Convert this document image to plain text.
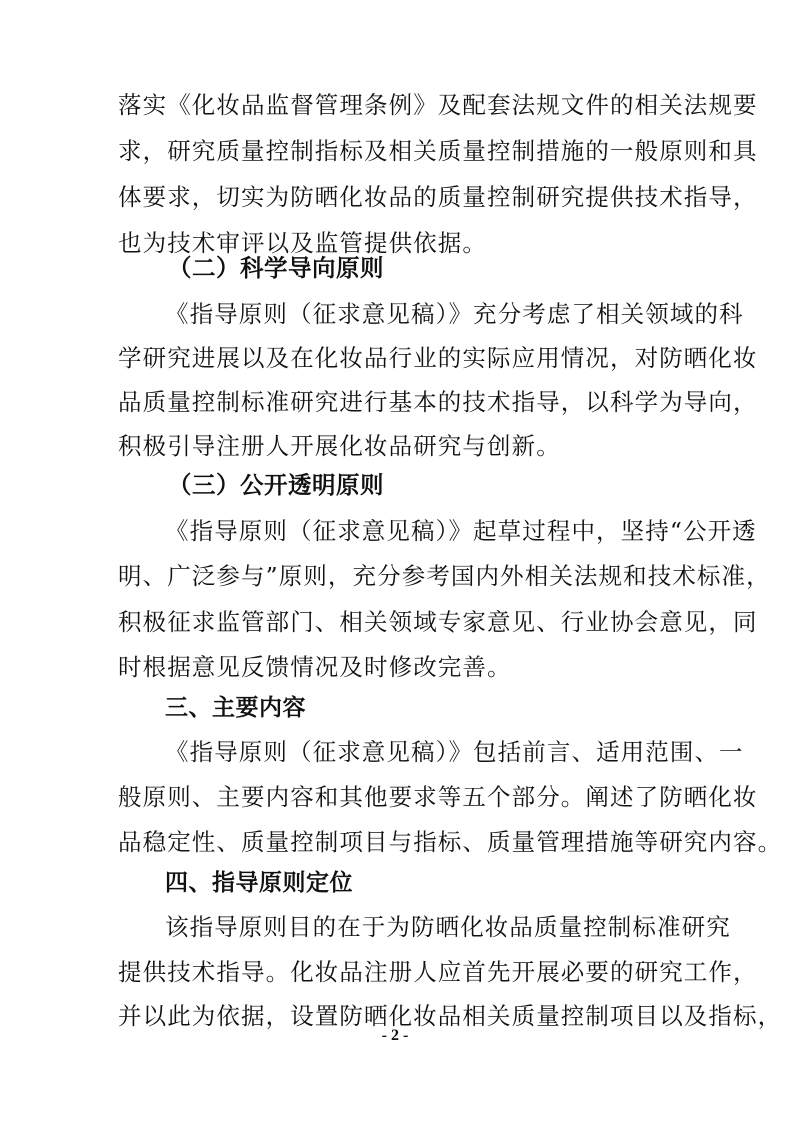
落实《化妆品监督管理条例》及配套法规文件的相关法规要
求，研究质量控制指标及相关质量控制措施的一般原则和具
体要求，切实为防晒化妆品的质量控制研究提供技术指导，
也为技术审评以及监管提供依据。
（二）科学导向原则
《指导原则（征求意见稿）》充分考虑了相关领域的科
学研究进展以及在化妆品行业的实际应用情况，对防晒化妆
品质量控制标准研究进行基本的技术指导，以科学为导向，
积极引导注册人开展化妆品研究与创新。
（三）公开透明原则
《指导原则（征求意见稿）》起草过程中，坚持“公开透
明、广泛参与”原则，充分参考国内外相关法规和技术标准，
积极征求监管部门、相关领域专家意见、行业协会意见，同
时根据意见反馈情况及时修改完善。
三、主要内容
《指导原则（征求意见稿）》包括前言、适用范围、一
般原则、主要内容和其他要求等五个部分。阐述了防晒化妆
品稳定性、质量控制项目与指标、质量管理措施等研究内容。
四、指导原则定位
该指导原则目的在于为防晒化妆品质量控制标准研究
提供技术指导。化妆品注册人应首先开展必要的研究工作，
并以此为依据，设置防晒化妆品相关质量控制项目以及指标，
- 2 -
